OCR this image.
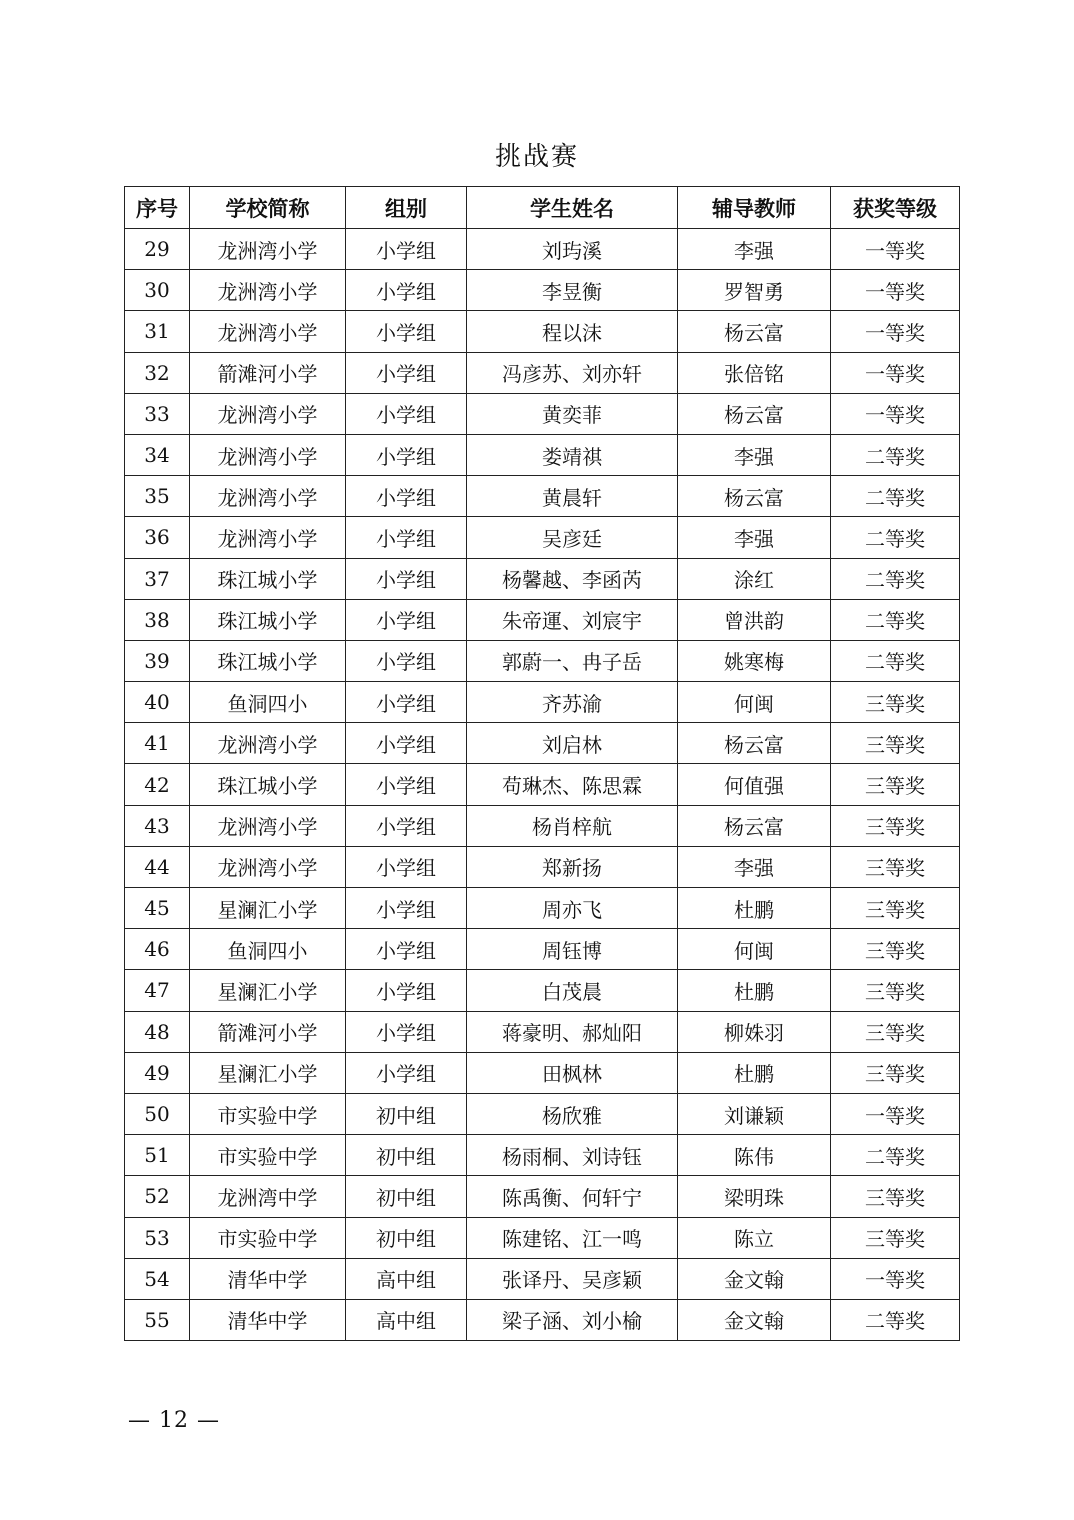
挑战赛
序号	学校简称	组别	学生姓名	辅导教师	获奖等级
29	龙洲湾小学	小学组	刘玙溪	李强	一等奖
30	龙洲湾小学	小学组	李昱衡	罗智勇	一等奖
31	龙洲湾小学	小学组	程以沫	杨云富	一等奖
32	箭滩河小学	小学组	冯彦苏、刘亦轩	张倍铭	一等奖
33	龙洲湾小学	小学组	黄奕菲	杨云富	一等奖
34	龙洲湾小学	小学组	娄靖祺	李强	二等奖
35	龙洲湾小学	小学组	黄晨轩	杨云富	二等奖
36	龙洲湾小学	小学组	吴彦廷	李强	二等奖
37	珠江城小学	小学组	杨馨越、李函芮	涂红	二等奖
38	珠江城小学	小学组	朱帝運、刘宸宇	曾洪韵	二等奖
39	珠江城小学	小学组	郭蔚一、冉子岳	姚寒梅	二等奖
40	鱼洞四小	小学组	齐苏渝	何闽	三等奖
41	龙洲湾小学	小学组	刘启林	杨云富	三等奖
42	珠江城小学	小学组	苟琳杰、陈思霖	何值强	三等奖
43	龙洲湾小学	小学组	杨肖梓航	杨云富	三等奖
44	龙洲湾小学	小学组	郑新扬	李强	三等奖
45	星澜汇小学	小学组	周亦飞	杜鹏	三等奖
46	鱼洞四小	小学组	周钰博	何闽	三等奖
47	星澜汇小学	小学组	白茂晨	杜鹏	三等奖
48	箭滩河小学	小学组	蒋豪明、郝灿阳	柳姝羽	三等奖
49	星澜汇小学	小学组	田枫林	杜鹏	三等奖
50	市实验中学	初中组	杨欣雅	刘谦颖	一等奖
51	市实验中学	初中组	杨雨桐、刘诗钰	陈伟	二等奖
52	龙洲湾中学	初中组	陈禹衡、何轩宁	梁明珠	三等奖
53	市实验中学	初中组	陈建铭、江一鸣	陈立	三等奖
54	清华中学	高中组	张译丹、吴彦颖	金文翰	一等奖
55	清华中学	高中组	梁子涵、刘小榆	金文翰	二等奖
— 12 —
